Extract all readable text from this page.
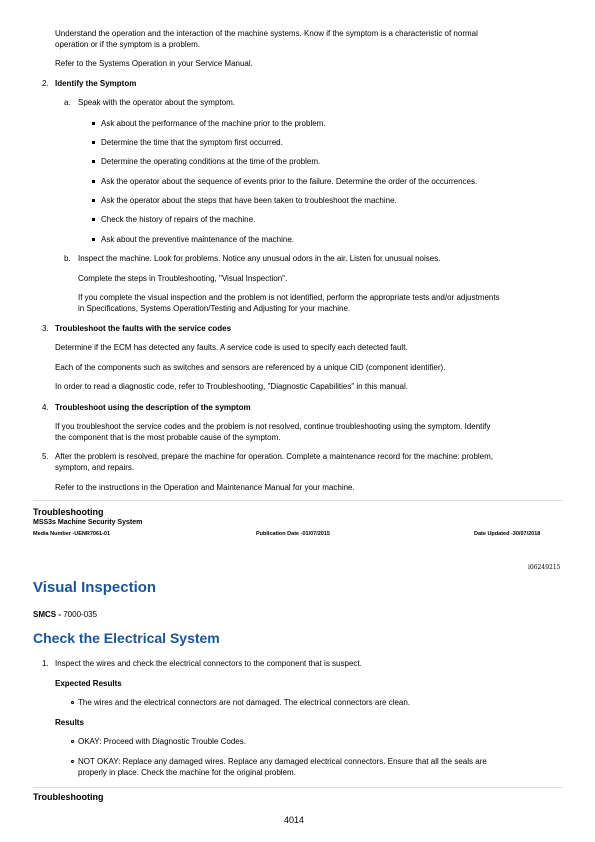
Understand the operation and the interaction of the machine systems. Know if the symptom is a characteristic of normal
operation or if the symptom is a problem.
Refer to the Systems Operation in your Service Manual.
2. Identify the Symptom
a. Speak with the operator about the symptom.
Ask about the performance of the machine prior to the problem.
Determine the time that the symptom first occurred.
Determine the operating conditions at the time of the problem.
Ask the operator about the sequence of events prior to the failure. Determine the order of the occurrences.
Ask the operator about the steps that have been taken to troubleshoot the machine.
Check the history of repairs of the machine.
Ask about the preventive maintenance of the machine.
b. Inspect the machine. Look for problems. Notice any unusual odors in the air. Listen for unusual noises.
Complete the steps in Troubleshooting, "Visual Inspection".
If you complete the visual inspection and the problem is not identified, perform the appropriate tests and/or adjustments
in Specifications, Systems Operation/Testing and Adjusting for your machine.
3. Troubleshoot the faults with the service codes
Determine if the ECM has detected any faults. A service code is used to specify each detected fault.
Each of the components such as switches and sensors are referenced by a unique CID (component identifier).
In order to read a diagnostic code, refer to Troubleshooting, "Diagnostic Capabilities" in this manual.
4. Troubleshoot using the description of the symptom
If you troubleshoot the service codes and the problem is not resolved, continue troubleshooting using the symptom. Identify
the component that is the most probable cause of the symptom.
5. After the problem is resolved, prepare the machine for operation. Complete a maintenance record for the machine: problem,
symptom, and repairs.
Refer to the instructions in the Operation and Maintenance Manual for your machine.
Troubleshooting
MSS3s Machine Security System
Media Number -UENR7061-01	Publication Date -01/07/2015	Date Updated -30/07/2018
i06249215
Visual Inspection
SMCS - 7000-035
Check the Electrical System
1. Inspect the wires and check the electrical connectors to the component that is suspect.
Expected Results
The wires and the electrical connectors are not damaged. The electrical connectors are clean.
Results
OKAY: Proceed with Diagnostic Trouble Codes.
NOT OKAY: Replace any damaged wires. Replace any damaged electrical connectors. Ensure that all the seals are
properly in place. Check the machine for the original problem.
Troubleshooting
4014
